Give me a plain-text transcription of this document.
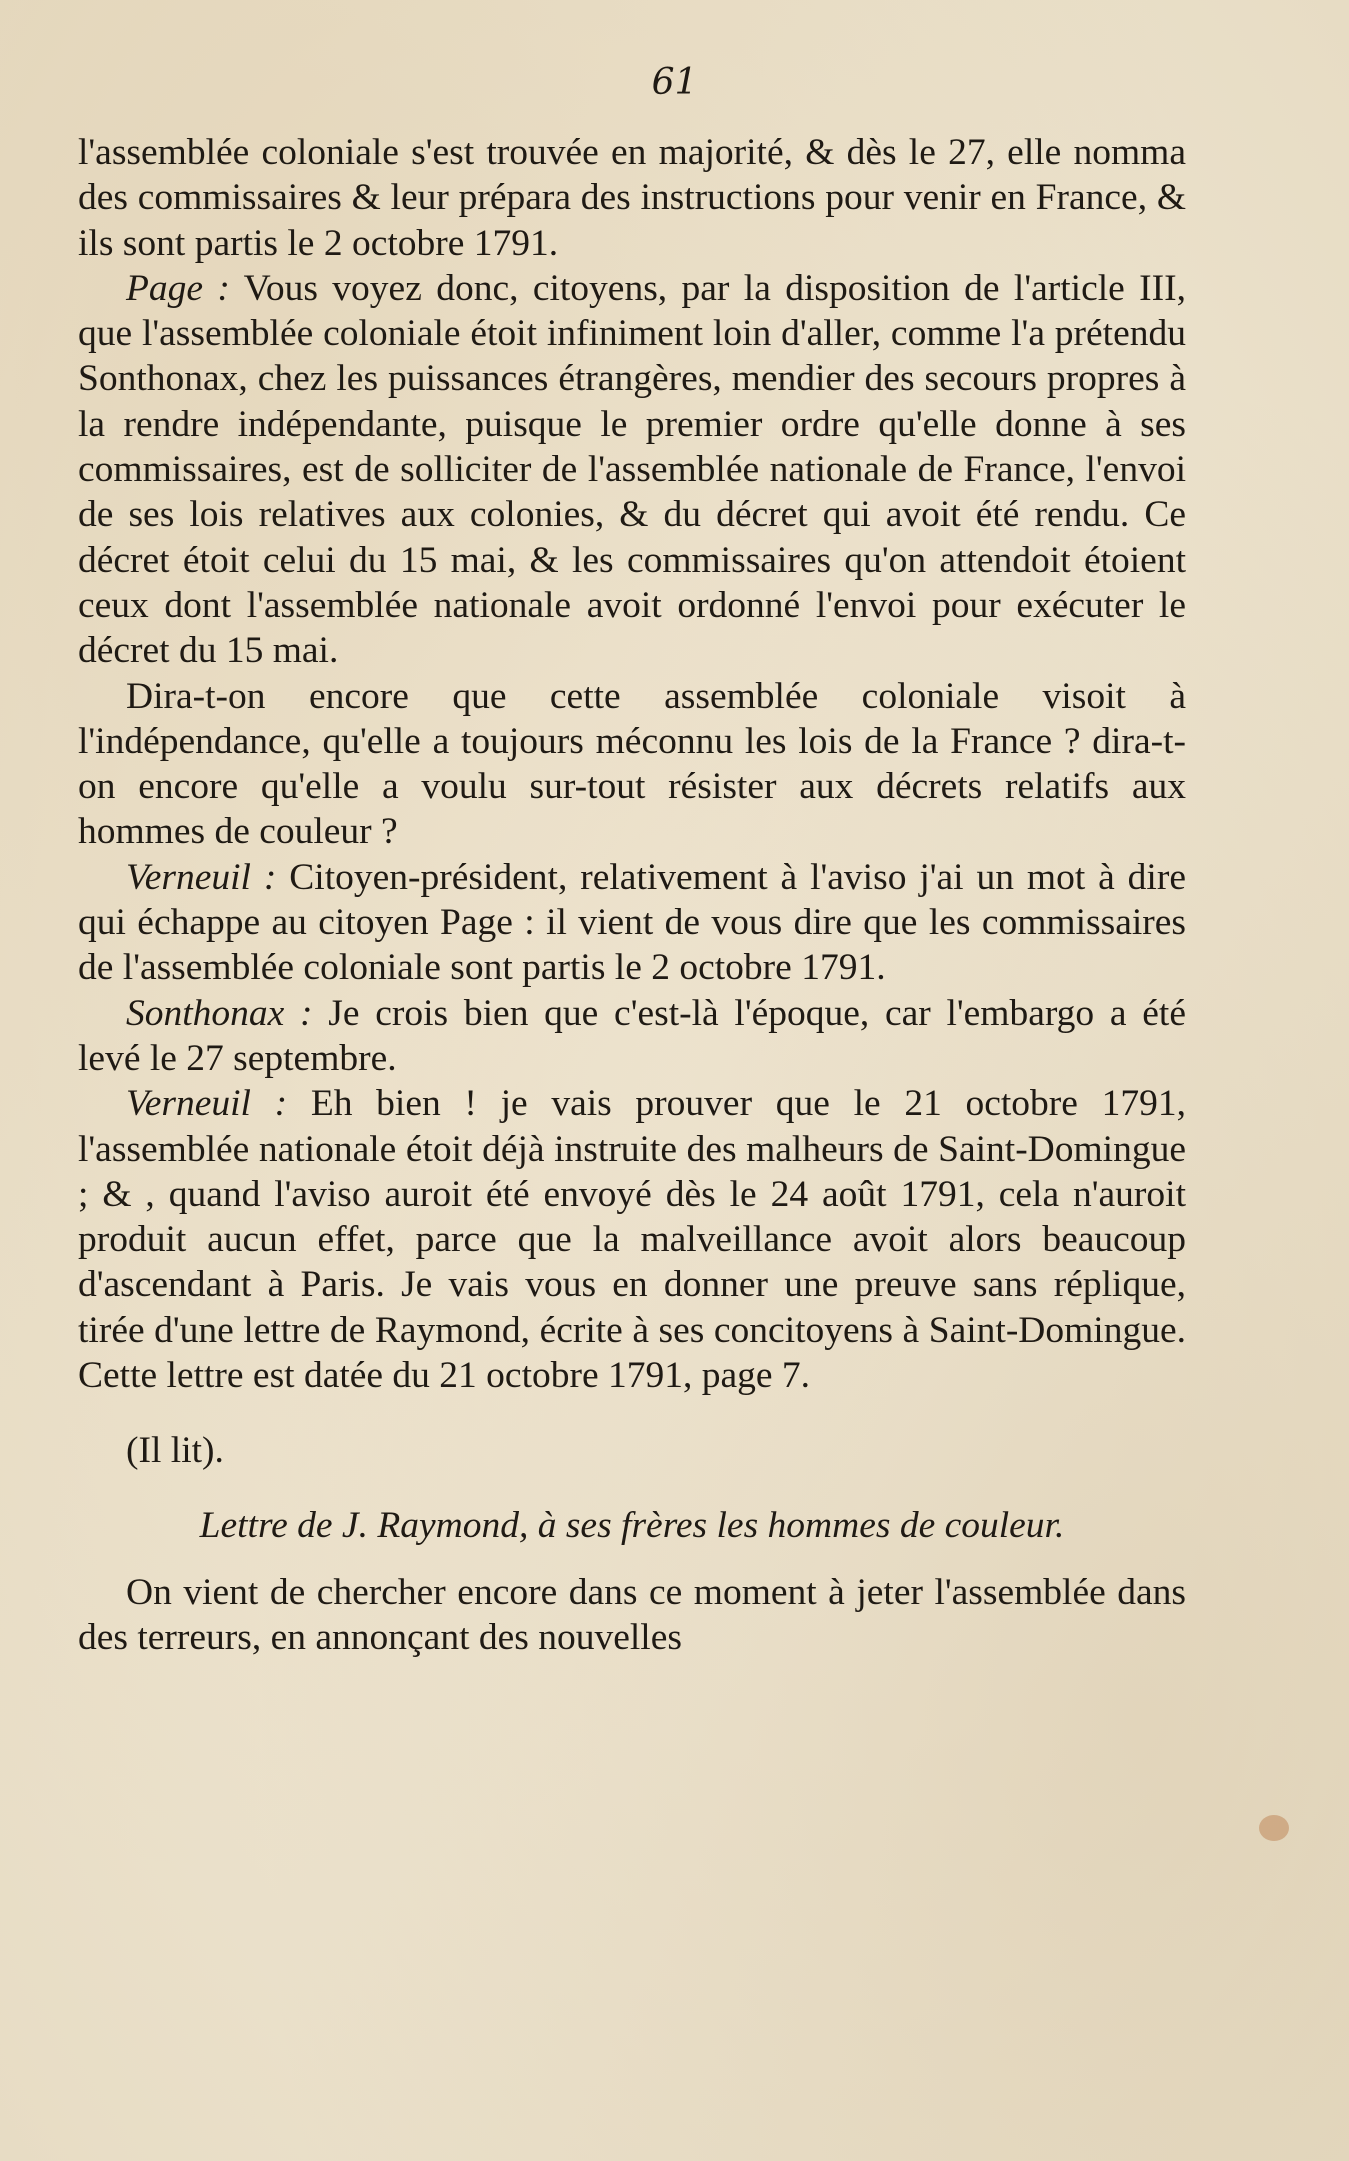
61

l'assemblée coloniale s'est trouvée en majorité, & dès le 27, elle nomma des commissaires & leur prépara des instructions pour venir en France, & ils sont partis le 2 octobre 1791.

Page : Vous voyez donc, citoyens, par la disposition de l'article III, que l'assemblée coloniale étoit infiniment loin d'aller, comme l'a prétendu Sonthonax, chez les puissances étrangères, mendier des secours propres à la rendre indépendante, puisque le premier ordre qu'elle donne à ses commissaires, est de solliciter de l'assemblée nationale de France, l'envoi de ses lois relatives aux colonies, & du décret qui avoit été rendu. Ce décret étoit celui du 15 mai, & les commissaires qu'on attendoit étoient ceux dont l'assemblée nationale avoit ordonné l'envoi pour exécuter le décret du 15 mai.

Dira-t-on encore que cette assemblée coloniale visoit à l'indépendance, qu'elle a toujours méconnu les lois de la France ? dira-t-on encore qu'elle a voulu sur-tout résister aux décrets relatifs aux hommes de couleur ?

Verneuil : Citoyen-président, relativement à l'aviso j'ai un mot à dire qui échappe au citoyen Page : il vient de vous dire que les commissaires de l'assemblée coloniale sont partis le 2 octobre 1791.

Sonthonax : Je crois bien que c'est-là l'époque, car l'embargo a été levé le 27 septembre.

Verneuil : Eh bien ! je vais prouver que le 21 octobre 1791, l'assemblée nationale étoit déjà instruite des malheurs de Saint-Domingue ; & , quand l'aviso auroit été envoyé dès le 24 août 1791, cela n'auroit produit aucun effet, parce que la malveillance avoit alors beaucoup d'ascendant à Paris. Je vais vous en donner une preuve sans réplique, tirée d'une lettre de Raymond, écrite à ses concitoyens à Saint-Domingue. Cette lettre est datée du 21 octobre 1791, page 7.

(Il lit).

Lettre de J. Raymond, à ses frères les hommes de couleur.

On vient de chercher encore dans ce moment à jeter l'assemblée dans des terreurs, en annonçant des nouvelles
